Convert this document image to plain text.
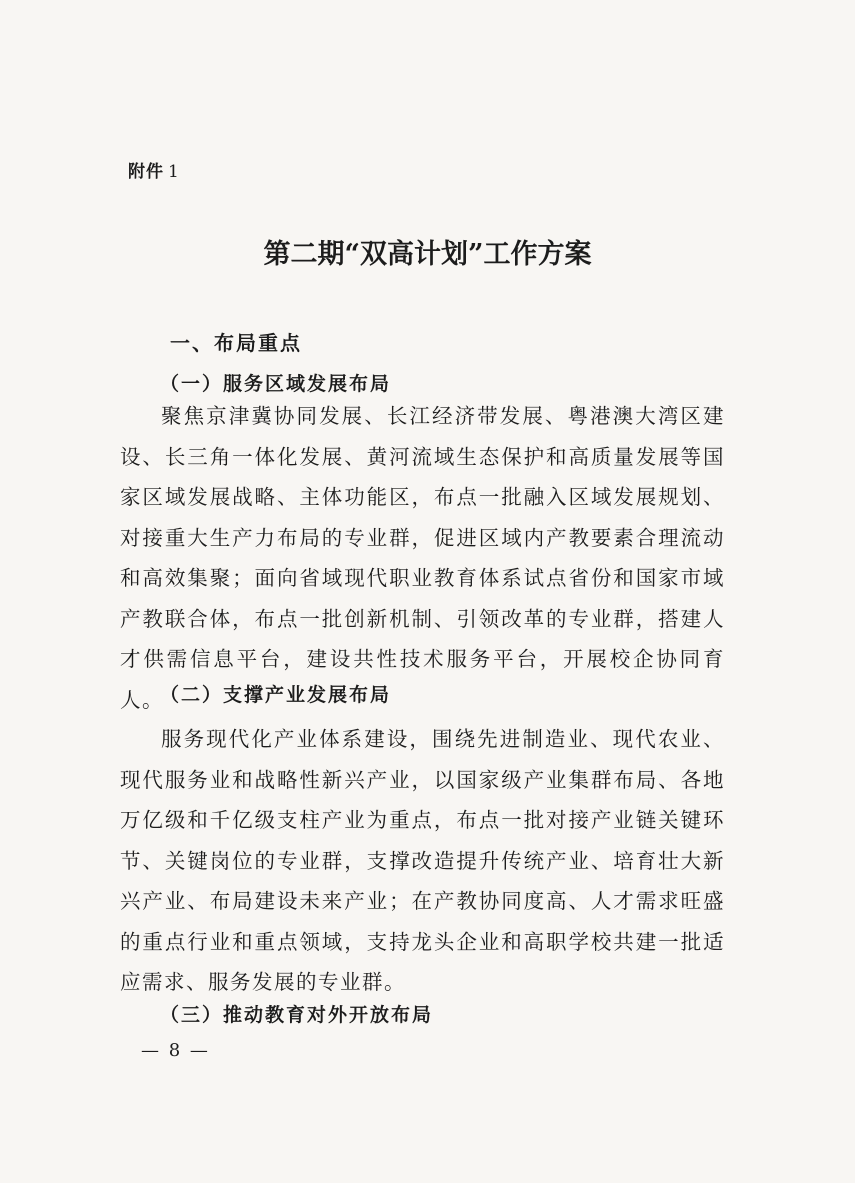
附件 1
第二期“双高计划”工作方案
一、布局重点
（一）服务区域发展布局
聚焦京津冀协同发展、长江经济带发展、粤港澳大湾区建设、长三角一体化发展、黄河流域生态保护和高质量发展等国家区域发展战略、主体功能区，布点一批融入区域发展规划、对接重大生产力布局的专业群，促进区域内产教要素合理流动和高效集聚；面向省域现代职业教育体系试点省份和国家市域产教联合体，布点一批创新机制、引领改革的专业群，搭建人才供需信息平台，建设共性技术服务平台，开展校企协同育人。
（二）支撑产业发展布局
服务现代化产业体系建设，围绕先进制造业、现代农业、现代服务业和战略性新兴产业，以国家级产业集群布局、各地万亿级和千亿级支柱产业为重点，布点一批对接产业链关键环节、关键岗位的专业群，支撑改造提升传统产业、培育壮大新兴产业、布局建设未来产业；在产教协同度高、人才需求旺盛的重点行业和重点领域，支持龙头企业和高职学校共建一批适应需求、服务发展的专业群。
（三）推动教育对外开放布局
— 8 —
